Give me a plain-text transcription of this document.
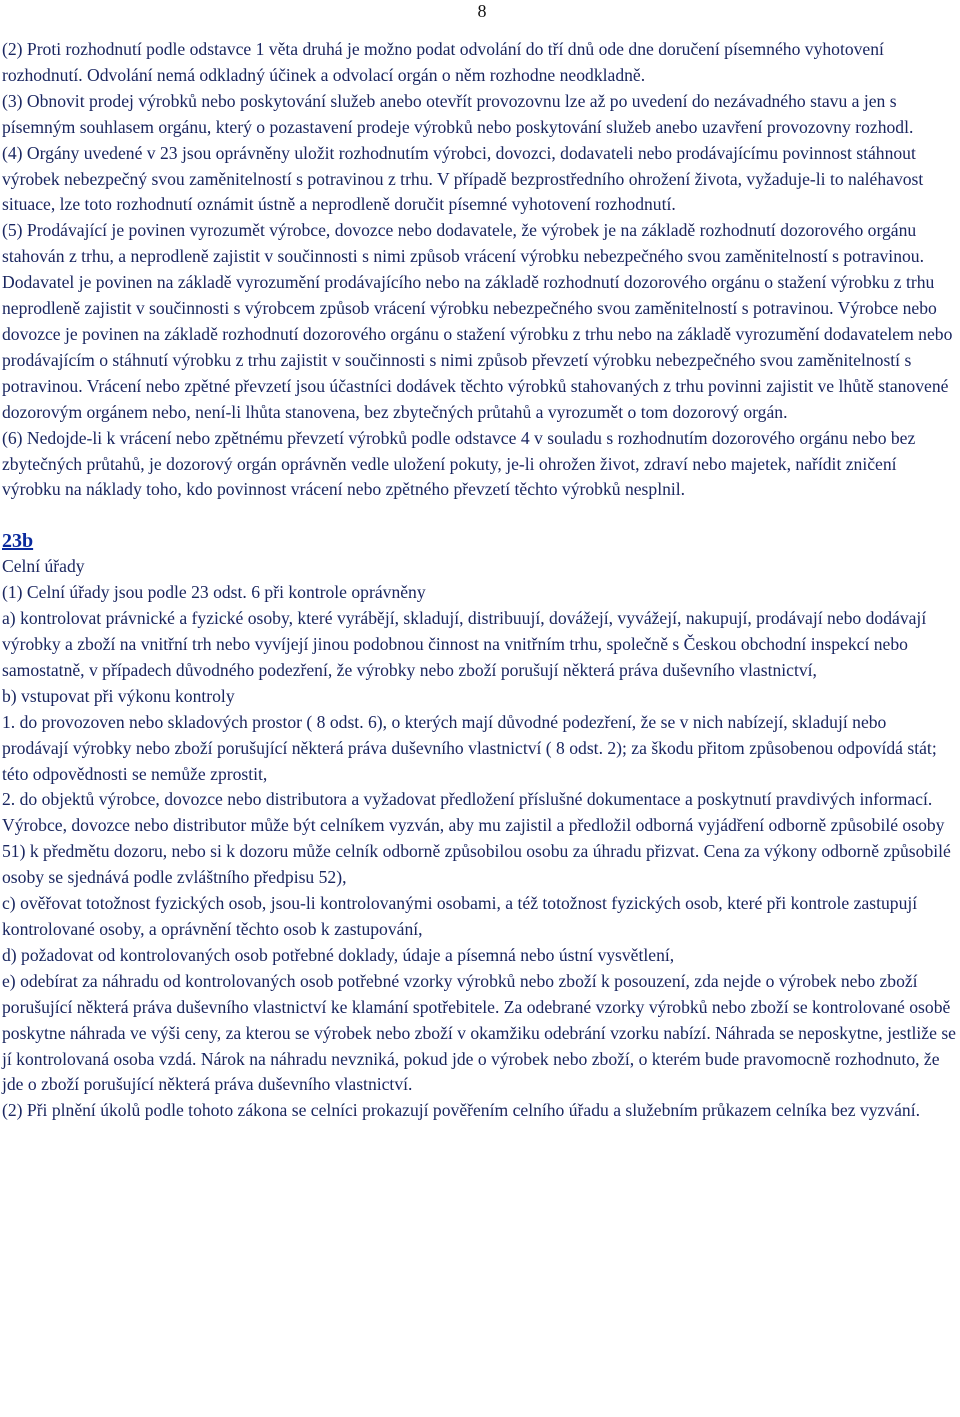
8

(2) Proti rozhodnutí podle odstavce 1 věta druhá je možno podat odvolání do tří dnů ode dne doručení písemného vyhotovení rozhodnutí. Odvolání nemá odkladný účinek a odvolací orgán o něm rozhodne neodkladně.

(3) Obnovit prodej výrobků nebo poskytování služeb anebo otevřít provozovnu lze až po uvedení do nezávadného stavu a jen s písemným souhlasem orgánu, který o pozastavení prodeje výrobků nebo poskytování služeb anebo uzavření provozovny rozhodl.

(4) Orgány uvedené v 23 jsou oprávněny uložit rozhodnutím výrobci, dovozci, dodavateli nebo prodávajícímu povinnost stáhnout výrobek nebezpečný svou zaměnitelností s potravinou z trhu. V případě bezprostředního ohrožení života, vyžaduje-li to naléhavost situace, lze toto rozhodnutí oznámit ústně a neprodleně doručit písemné vyhotovení rozhodnutí.

(5) Prodávající je povinen vyrozumět výrobce, dovozce nebo dodavatele, že výrobek je na základě rozhodnutí dozorového orgánu stahován z trhu, a neprodleně zajistit v součinnosti s nimi způsob vrácení výrobku nebezpečného svou zaměnitelností s potravinou. Dodavatel je povinen na základě vyrozumění prodávajícího nebo na základě rozhodnutí dozorového orgánu o stažení výrobku z trhu neprodleně zajistit v součinnosti s výrobcem způsob vrácení výrobku nebezpečného svou zaměnitelností s potravinou. Výrobce nebo dovozce je povinen na základě rozhodnutí dozorového orgánu o stažení výrobku z trhu nebo na základě vyrozumění dodavatelem nebo prodávajícím o stáhnutí výrobku z trhu zajistit v součinnosti s nimi způsob převzetí výrobku nebezpečného svou zaměnitelností s potravinou. Vrácení nebo zpětné převzetí jsou účastníci dodávek těchto výrobků stahovaných z trhu povinni zajistit ve lhůtě stanovené dozorovým orgánem nebo, není-li lhůta stanovena, bez zbytečných průtahů a vyrozumět o tom dozorový orgán.

(6) Nedojde-li k vrácení nebo zpětnému převzetí výrobků podle odstavce 4 v souladu s rozhodnutím dozorového orgánu nebo bez zbytečných průtahů, je dozorový orgán oprávněn vedle uložení pokuty, je-li ohrožen život, zdraví nebo majetek, nařídit zničení výrobku na náklady toho, kdo povinnost vrácení nebo zpětného převzetí těchto výrobků nesplnil.

23b

Celní úřady

(1) Celní úřady jsou podle 23 odst. 6 při kontrole oprávněny

a) kontrolovat právnické a fyzické osoby, které vyrábějí, skladují, distribuují, dovážejí, vyvážejí, nakupují, prodávají nebo dodávají výrobky a zboží na vnitřní trh nebo vyvíjejí jinou podobnou činnost na vnitřním trhu, společně s Českou obchodní inspekcí nebo samostatně, v případech důvodného podezření, že výrobky nebo zboží porušují některá práva duševního vlastnictví,

b) vstupovat při výkonu kontroly

1. do provozoven nebo skladových prostor ( 8 odst. 6), o kterých mají důvodné podezření, že se v nich nabízejí, skladují nebo prodávají výrobky nebo zboží porušující některá práva duševního vlastnictví ( 8 odst. 2); za škodu přitom způsobenou odpovídá stát; této odpovědnosti se nemůže zprostit,

2. do objektů výrobce, dovozce nebo distributora a vyžadovat předložení příslušné dokumentace a poskytnutí pravdivých informací. Výrobce, dovozce nebo distributor může být celníkem vyzván, aby mu zajistil a předložil odborná vyjádření odborně způsobilé osoby 51) k předmětu dozoru, nebo si k dozoru může celník odborně způsobilou osobu za úhradu přizvat. Cena za výkony odborně způsobilé osoby se sjednává podle zvláštního předpisu 52),

c) ověřovat totožnost fyzických osob, jsou-li kontrolovanými osobami, a též totožnost fyzických osob, které při kontrole zastupují kontrolované osoby, a oprávnění těchto osob k zastupování,

d) požadovat od kontrolovaných osob potřebné doklady, údaje a písemná nebo ústní vysvětlení,

e) odebírat za náhradu od kontrolovaných osob potřebné vzorky výrobků nebo zboží k posouzení, zda nejde o výrobek nebo zboží porušující některá práva duševního vlastnictví ke klamání spotřebitele. Za odebrané vzorky výrobků nebo zboží se kontrolované osobě poskytne náhrada ve výši ceny, za kterou se výrobek nebo zboží v okamžiku odebrání vzorku nabízí. Náhrada se neposkytne, jestliže se jí kontrolovaná osoba vzdá. Nárok na náhradu nevzniká, pokud jde o výrobek nebo zboží, o kterém bude pravomocně rozhodnuto, že jde o zboží porušující některá práva duševního vlastnictví.

(2) Při plnění úkolů podle tohoto zákona se celníci prokazují pověřením celního úřadu a služebním průkazem celníka bez vyzvání.
